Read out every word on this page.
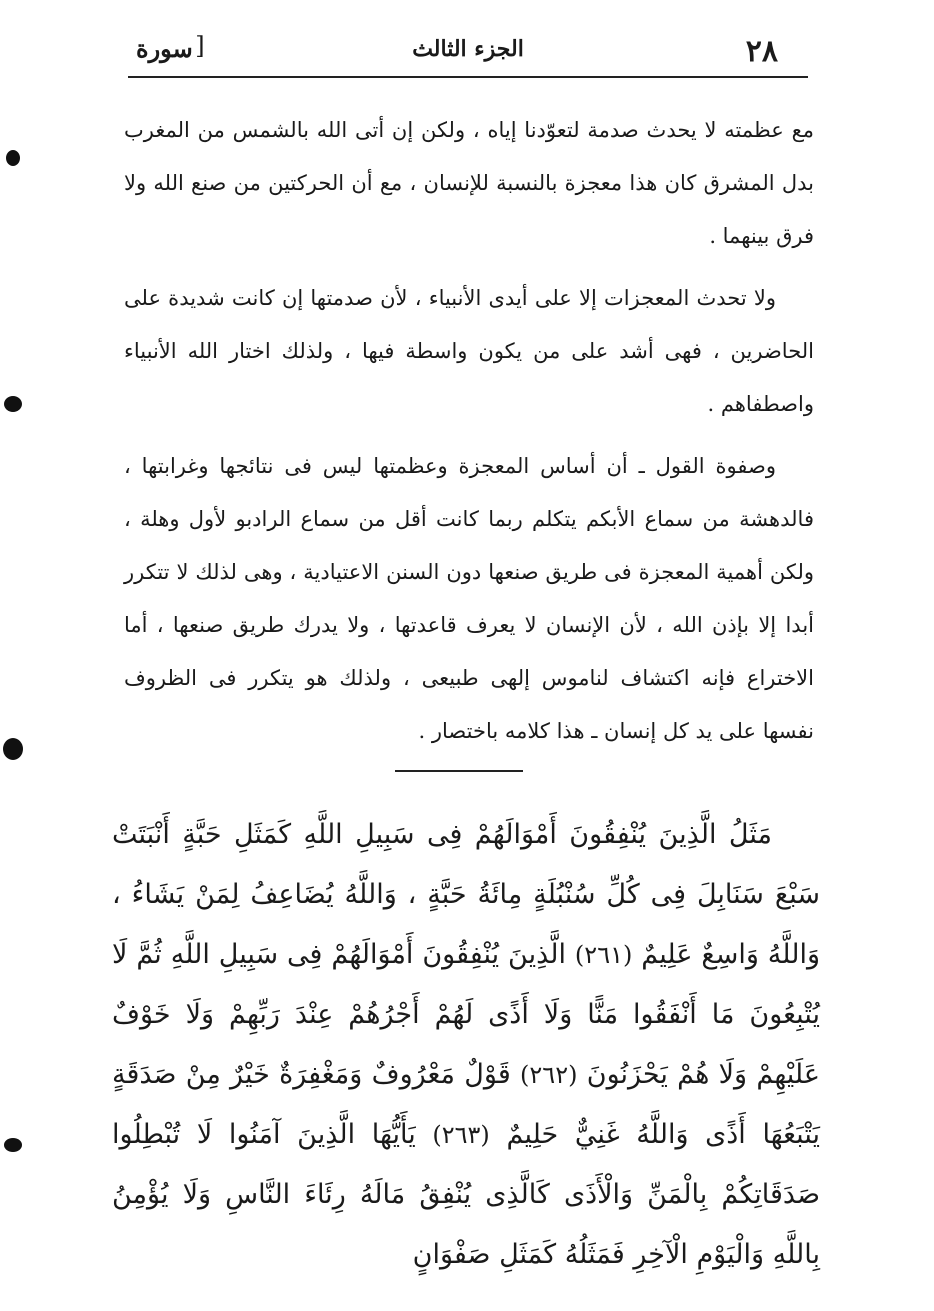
٢٨
الجزء الثالث
[ سورة

مع عظمته لا يحدث صدمة لتعوّدنا إياه ، ولكن إن أتى الله بالشمس من المغرب بدل المشرق كان هذا معجزة بالنسبة للإنسان ، مع أن الحركتين من صنع الله ولا فرق بينهما .

ولا تحدث المعجزات إلا على أيدى الأنبياء ، لأن صدمتها إن كانت شديدة على الحاضرين ، فهى أشد على من يكون واسطة فيها ، ولذلك اختار الله الأنبياء واصطفاهم .

وصفوة القول ـ أن أساس المعجزة وعظمتها ليس فى نتائجها وغرابتها ، فالدهشة من سماع الأبكم يتكلم ربما كانت أقل من سماع الرادبو لأول وهلة ، ولكن أهمية المعجزة فى طريق صنعها دون السنن الاعتيادية ، وهى لذلك لا تتكرر أبدا إلا بإذن الله ، لأن الإنسان لا يعرف قاعدتها ، ولا يدرك طريق صنعها ، أما الاختراع فإنه اكتشاف لناموس إلهى طبيعى ، ولذلك هو يتكرر فى الظروف نفسها على يد كل إنسان ـ هذا كلامه باختصار .

مَثَلُ الَّذِينَ يُنْفِقُونَ أَمْوَالَهُمْ فِى سَبِيلِ اللَّهِ كَمَثَلِ حَبَّةٍ أَنْبَتَتْ سَبْعَ سَنَابِلَ فِى كُلِّ سُنْبُلَةٍ مِائَةُ حَبَّةٍ ، وَاللَّهُ يُضَاعِفُ لِمَنْ يَشَاءُ ، وَاللَّهُ وَاسِعٌ عَلِيمٌ (٢٦١) الَّذِينَ يُنْفِقُونَ أَمْوَالَهُمْ فِى سَبِيلِ اللَّهِ ثُمَّ لَا يُتْبِعُونَ مَا أَنْفَقُوا مَنًّا وَلَا أَذًى لَهُمْ أَجْرُهُمْ عِنْدَ رَبِّهِمْ وَلَا خَوْفٌ عَلَيْهِمْ وَلَا هُمْ يَحْزَنُونَ (٢٦٢) قَوْلٌ مَعْرُوفٌ وَمَغْفِرَةٌ خَيْرٌ مِنْ صَدَقَةٍ يَتْبَعُهَا أَذًى وَاللَّهُ غَنِيٌّ حَلِيمٌ (٢٦٣) يَأَيُّهَا الَّذِينَ آمَنُوا لَا تُبْطِلُوا صَدَقَاتِكُمْ بِالْمَنِّ وَالْأَذَى كَالَّذِى يُنْفِقُ مَالَهُ رِئَاءَ النَّاسِ وَلَا يُؤْمِنُ بِاللَّهِ وَالْيَوْمِ الْآخِرِ فَمَثَلُهُ كَمَثَلِ صَفْوَانٍ
